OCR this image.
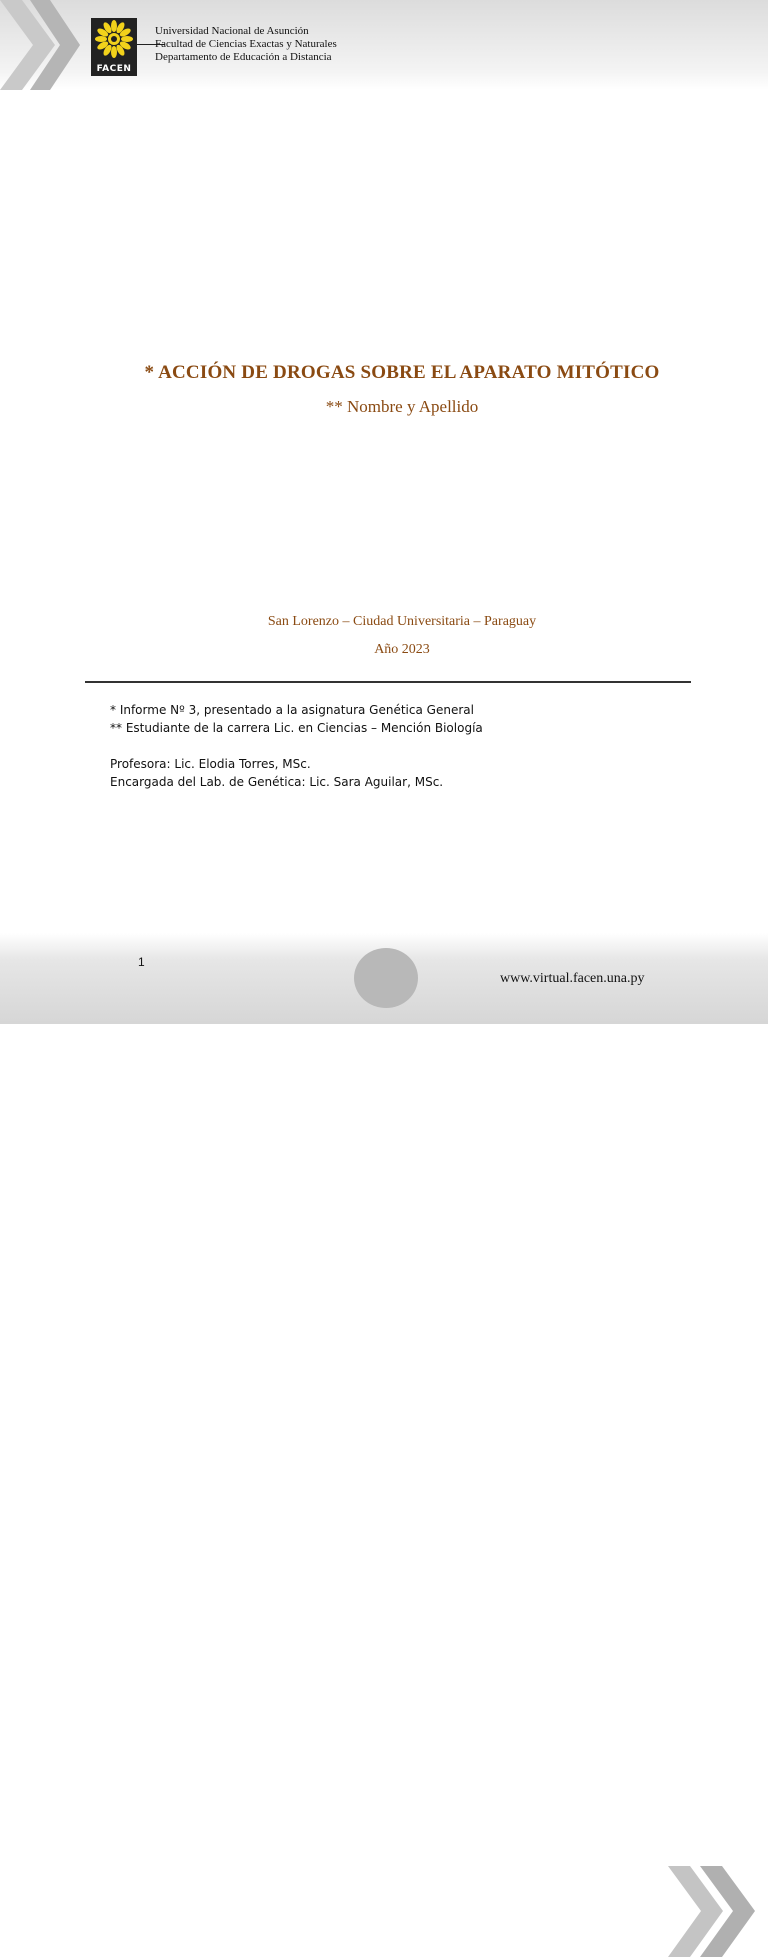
FACEN
Universidad Nacional de Asunción
Facultad de Ciencias Exactas y Naturales
Departamento de Educación a Distancia
* ACCIÓN DE DROGAS SOBRE EL APARATO MITÓTICO
** Nombre y Apellido
San Lorenzo – Ciudad Universitaria – Paraguay
Año 2023
* Informe Nº 3, presentado a la asignatura Genética General
** Estudiante de la carrera Lic. en Ciencias – Mención Biología
Profesora: Lic. Elodia Torres, MSc.
Encargada del Lab. de Genética: Lic. Sara Aguilar, MSc.
1
www.virtual.facen.una.py
